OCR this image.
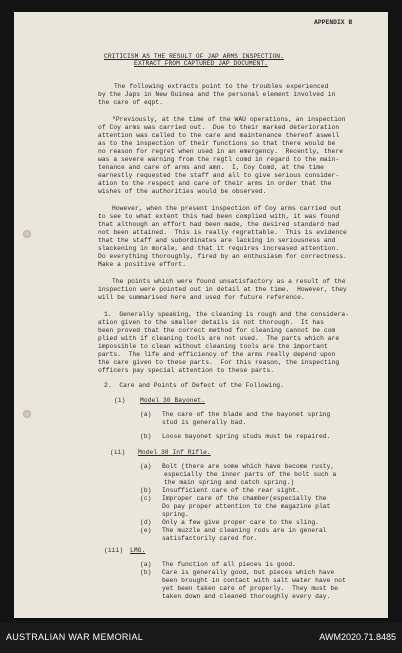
APPENDIX B
CRITICISM AS THE RESULT OF JAP ARMS INSPECTION.
EXTRACT FROM CAPTURED JAP DOCUMENT.
The following extracts point to the troubles experienced
by the Japs in New Guinea and the personal element involved in
the care of eqpt.
"Previously, at the time of the WAU operations, an inspection
of Coy arms was carried out.  Due to their marked deterioration
attention was called to the care and maintenance thereof aswell
as to the inspection of their functions so that there would be
no reason for regret when used in an emergency.  Recently, there
was a severe warning from the regtl comd in regard to the main-
tenance and care of arms and amn.  I, Coy Comd, at the time
earnestly requested the staff and all to give serious consider-
ation to the respect and care of their arms in order that the
wishes of the authorities would be observed.
However, when the present inspection of Coy arms carried out
to see to what extent this had been complied with, it was found
that although an effort had been made, the desired standard had
not been attained.  This is really regrettable.  This is evidence
that the staff and subordinates are lacking in seriousness and
slackening in morale, and that it requires increased attention.
Do everything thoroughly, fired by an enthusiasm for correctness.
Make a positive effort.
The points which were found unsatisfactory as a result of the
inspection were pointed out in detail at the time.  However, they
will be summarised here and used for future reference.
1.  Generally speaking, the cleaning is rough and the considera-
ation given to the smaller details is not thorough.  It has
been proved that the correct method for cleaning cannot be com
plied with if cleaning tools are not used.  The parts which are
impossible to clean without cleaning tools are the important
parts.  The life and efficiency of the arms really depend upon
the care given to these parts.  For this reason, the inspecting
officers pay special attention to these parts.
2.  Care and Points of Defect of the Following.
(i) Model 30 Bayonet.
(a) The care of the blade and the bayonet spring
stud is generally bad.
(b) Loose bayonet spring studs must be repaired.
(ii) Model 38 Inf Rifle.
(a) Bolt (there are some which have become rusty,
especially the inner parts of the bolt such a
the main spring and catch spring.)
(b) Insufficient care of the rear sight.
(c) Improper care of the chamber(especially the
Do pay proper attention to the magazine plat
spring.
(d) Only a few give proper care to the sling.
(e) The muzzle and cleaning rods are in general
satisfactorily cared for.
(iii) LMG.
(a) The function of all pieces is good.
(b) Care is generally good, but pieces which have
been brought in contact with salt water have not
yet been taken care of properly.  They must be
taken down and cleaned thoroughly every day.
AUSTRALIAN WAR MEMORIAL	AWM2020.71.8485
